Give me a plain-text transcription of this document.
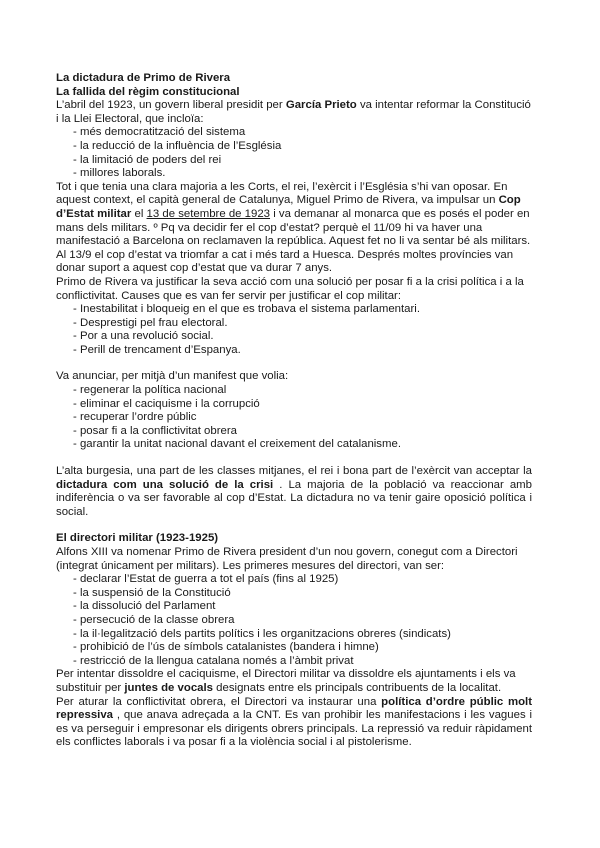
La dictadura de Primo de Rivera

La fallida del règim constitucional

L’abril del 1923, un govern liberal presidit per García Prieto va intentar reformar la Constitució i la Llei Electoral, que incloïa:

- més democratització del sistema
- la reducció de la influència de l’Església
- la limitació de poders del rei
- millores laborals.

Tot i que tenia una clara majoria a les Corts, el rei, l’exèrcit i l’Església s’hi van oposar. En aquest context, el capità general de Catalunya, Miguel Primo de Rivera, va impulsar un Cop d’Estat militar el 13 de setembre de 1923 i va demanar al monarca que es posés el poder en mans dels militars. º Pq va decidir fer el cop d’estat? perquè el 11/09 hi va haver una manifestació a Barcelona on reclamaven la república. Aquest fet no li va sentar bé als militars.

Al 13/9 el cop d’estat va triomfar a cat i més tard a Huesca. Després moltes províncies van donar suport a aquest cop d’estat que va durar 7 anys.

Primo de Rivera va justificar la seva acció com una solució per posar fi a la crisi política i a la conflictivitat. Causes que es van fer servir per justificar el cop militar:

- Inestabilitat i bloqueig en el que es trobava el sistema parlamentari.
- Desprestigi pel frau electoral.
- Por a una revolució social.
- Perill de trencament d’Espanya.

Va anunciar, per mitjà d’un manifest que volia:

- regenerar la política nacional
- eliminar el caciquisme i la corrupció
- recuperar l’ordre públic
- posar fi a la conflictivitat obrera
- garantir la unitat nacional davant el creixement del catalanisme.

L’alta burgesia, una part de les classes mitjanes, el rei i bona part de l’exèrcit van acceptar la dictadura com una solució de la crisi . La majoria de la població va reaccionar amb indiferència o va ser favorable al cop d’Estat. La dictadura no va tenir gaire oposició política i social.

El directori militar (1923-1925)

Alfons XIII va nomenar Primo de Rivera president d’un nou govern, conegut com a Directori (integrat únicament per militars). Les primeres mesures del directori, van ser:

- declarar l’Estat de guerra a tot el país (fins al 1925)
- la suspensió de la Constitució
- la dissolució del Parlament
- persecució de la classe obrera
- la il·legalització dels partits polítics i les organitzacions obreres (sindicats)
- prohibició de l’ús de símbols catalanistes (bandera i himne)
- restricció de la llengua catalana només a l’àmbit privat

Per intentar dissoldre el caciquisme, el Directori militar va dissoldre els ajuntaments i els va substituir per juntes de vocals designats entre els principals contribuents de la localitat.

Per aturar la conflictivitat obrera, el Directori va instaurar una política d’ordre públic molt repressiva , que anava adreçada a la CNT. Es van prohibir les manifestacions i les vagues i es va perseguir i empresonar els dirigents obrers principals. La repressió va reduir ràpidament els conflictes laborals i va posar fi a la violència social i al pistolerisme.
